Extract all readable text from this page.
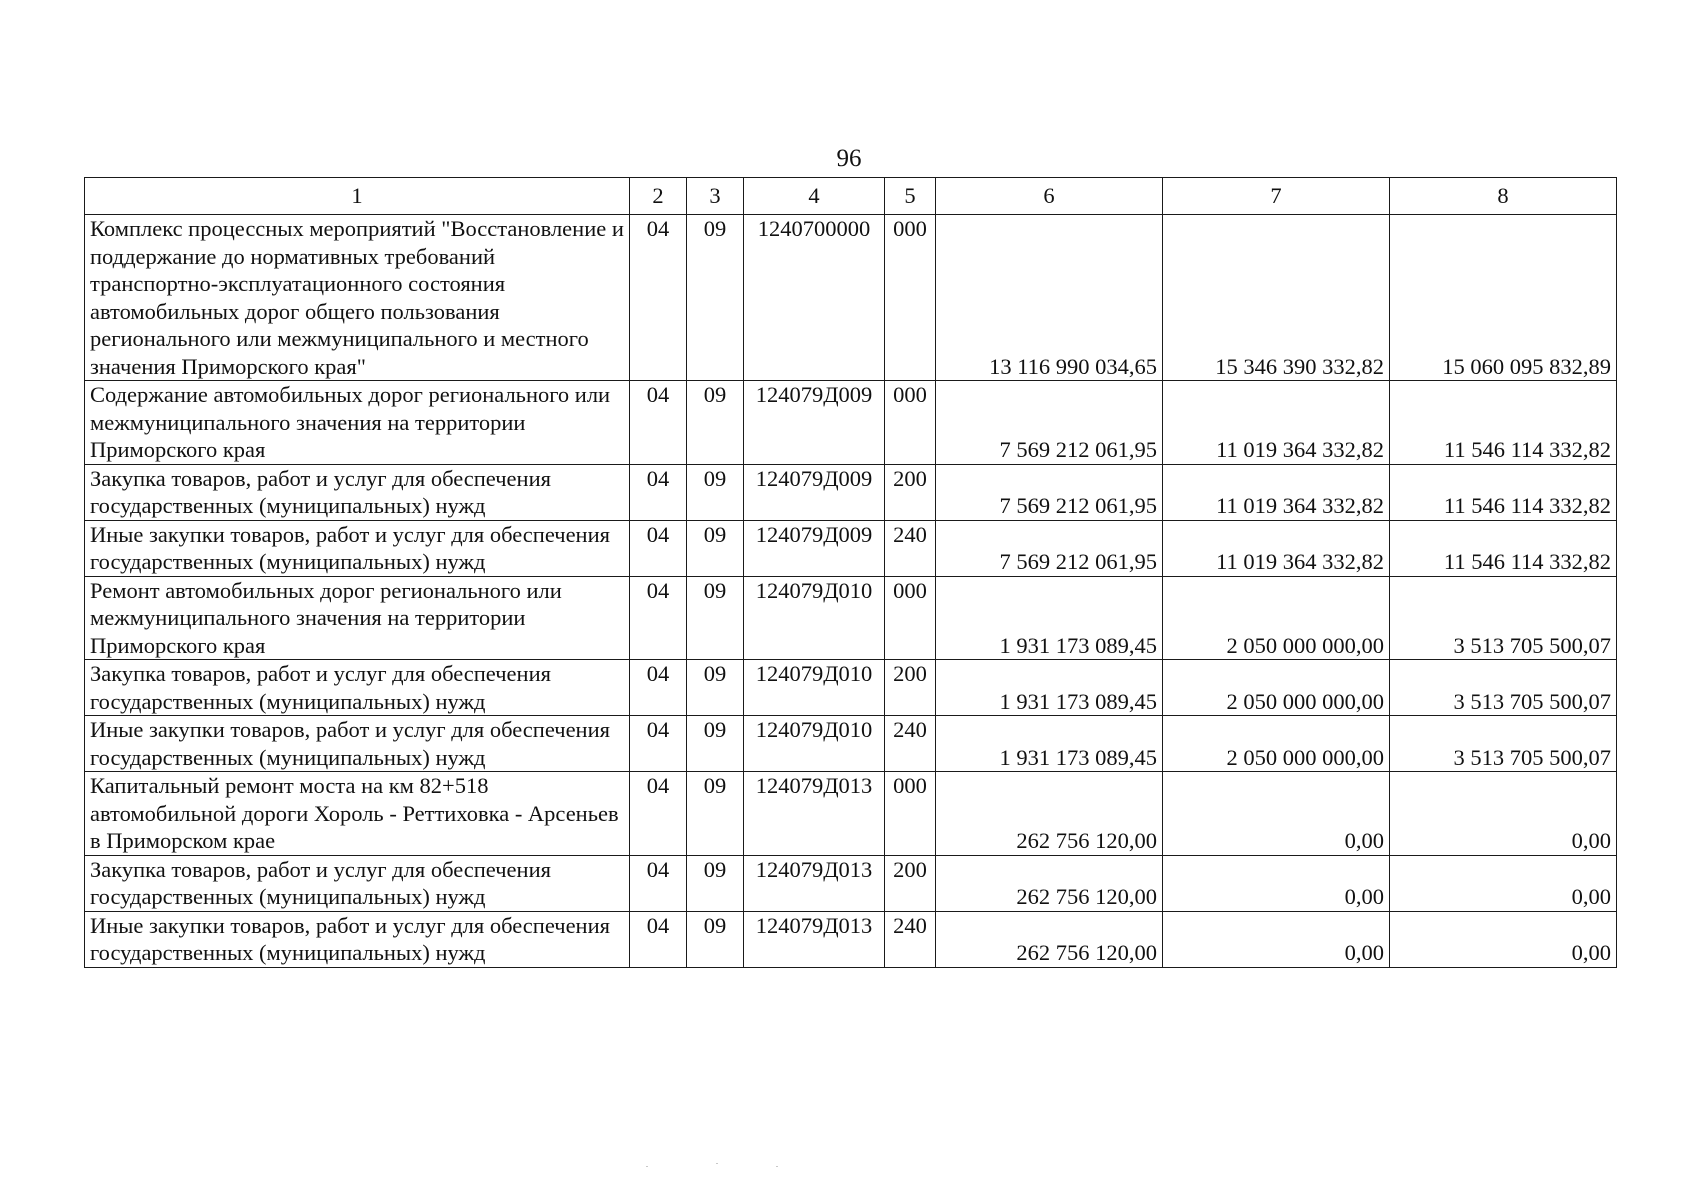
96
1	2	3	4	5	6	7	8
Комплекс процессных мероприятий "Восстановление и поддержание до нормативных требований транспортно-эксплуатационного состояния автомобильных дорог общего пользования регионального или межмуниципального и местного значения Приморского края"	04	09	1240700000	000	13 116 990 034,65	15 346 390 332,82	15 060 095 832,89
Содержание автомобильных дорог регионального или межмуниципального значения на территории Приморского края	04	09	124079Д009	000	7 569 212 061,95	11 019 364 332,82	11 546 114 332,82
Закупка товаров, работ и услуг для обеспечения государственных (муниципальных) нужд	04	09	124079Д009	200	7 569 212 061,95	11 019 364 332,82	11 546 114 332,82
Иные закупки товаров, работ и услуг для обеспечения государственных (муниципальных) нужд	04	09	124079Д009	240	7 569 212 061,95	11 019 364 332,82	11 546 114 332,82
Ремонт автомобильных дорог регионального или межмуниципального значения на территории Приморского края	04	09	124079Д010	000	1 931 173 089,45	2 050 000 000,00	3 513 705 500,07
Закупка товаров, работ и услуг для обеспечения государственных (муниципальных) нужд	04	09	124079Д010	200	1 931 173 089,45	2 050 000 000,00	3 513 705 500,07
Иные закупки товаров, работ и услуг для обеспечения государственных (муниципальных) нужд	04	09	124079Д010	240	1 931 173 089,45	2 050 000 000,00	3 513 705 500,07
Капитальный ремонт моста на км 82+518 автомобильной дороги Хороль - Реттиховка - Арсеньев в Приморском крае	04	09	124079Д013	000	262 756 120,00	0,00	0,00
Закупка товаров, работ и услуг для обеспечения государственных (муниципальных) нужд	04	09	124079Д013	200	262 756 120,00	0,00	0,00
Иные закупки товаров, работ и услуг для обеспечения государственных (муниципальных) нужд	04	09	124079Д013	240	262 756 120,00	0,00	0,00
